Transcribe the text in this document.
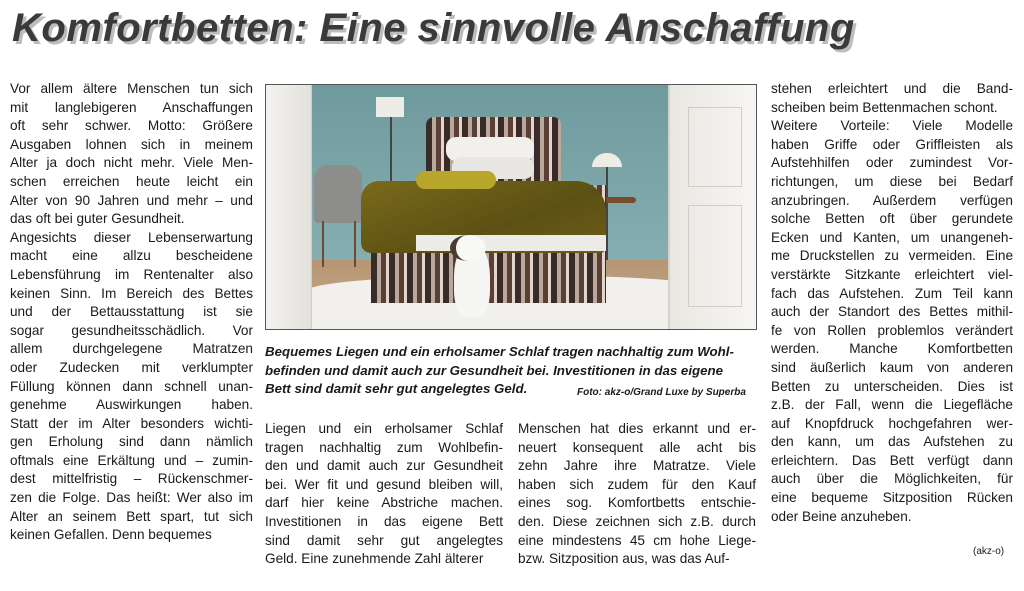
Komfortbetten: Eine sinnvolle Anschaffung
Vor allem ältere Menschen tun sich
mit langlebigeren Anschaffungen
oft sehr schwer. Motto: Größere
Ausgaben lohnen sich in meinem
Alter ja doch nicht mehr. Viele Men-
schen erreichen heute leicht ein
Alter von 90 Jahren und mehr – und
das oft bei guter Gesundheit.
Angesichts dieser Lebenserwartung
macht eine allzu bescheidene
Lebensführung im Rentenalter also
keinen Sinn. Im Bereich des Bettes
und der Bettausstattung ist sie
sogar gesundheitsschädlich. Vor
allem durchgelegene Matratzen
oder Zudecken mit verklumpter
Füllung können dann schnell unan-
genehme Auswirkungen haben.
Statt der im Alter besonders wichti-
gen Erholung sind dann nämlich
oftmals eine Erkältung und – zumin-
dest mittelfristig – Rückenschmer-
zen die Folge. Das heißt: Wer also im
Alter an seinem Bett spart, tut sich
keinen Gefallen. Denn bequemes
Bequemes Liegen und ein erholsamer Schlaf tragen nachhaltig zum Wohl-
befinden und damit auch zur Gesundheit bei. Investitionen in das eigene
Bett sind damit sehr gut angelegtes Geld.	Foto: akz-o/Grand Luxe by Superba
Liegen und ein erholsamer Schlaf
tragen nachhaltig zum Wohlbefin-
den und damit auch zur Gesundheit
bei. Wer fit und gesund bleiben will,
darf hier keine Abstriche machen.
Investitionen in das eigene Bett
sind damit sehr gut angelegtes
Geld. Eine zunehmende Zahl älterer
Menschen hat dies erkannt und er-
neuert konsequent alle acht bis
zehn Jahre ihre Matratze. Viele
haben sich zudem für den Kauf
eines sog. Komfortbetts entschie-
den. Diese zeichnen sich z.B. durch
eine mindestens 45 cm hohe Liege-
bzw. Sitzposition aus, was das Auf-
stehen erleichtert und die Band-
scheiben beim Bettenmachen schont.
Weitere Vorteile: Viele Modelle
haben Griffe oder Griffleisten als
Aufstehhilfen oder zumindest Vor-
richtungen, um diese bei Bedarf
anzubringen. Außerdem verfügen
solche Betten oft über gerundete
Ecken und Kanten, um unangeneh-
me Druckstellen zu vermeiden. Eine
verstärkte Sitzkante erleichtert viel-
fach das Aufstehen. Zum Teil kann
auch der Standort des Bettes mithil-
fe von Rollen problemlos verändert
werden. Manche Komfortbetten
sind äußerlich kaum von anderen
Betten zu unterscheiden. Dies ist
z.B. der Fall, wenn die Liegefläche
auf Knopfdruck hochgefahren wer-
den kann, um das Aufstehen zu
erleichtern. Das Bett verfügt dann
auch über die Möglichkeiten, für
eine bequeme Sitzposition Rücken
oder Beine anzuheben.
(akz-o)
